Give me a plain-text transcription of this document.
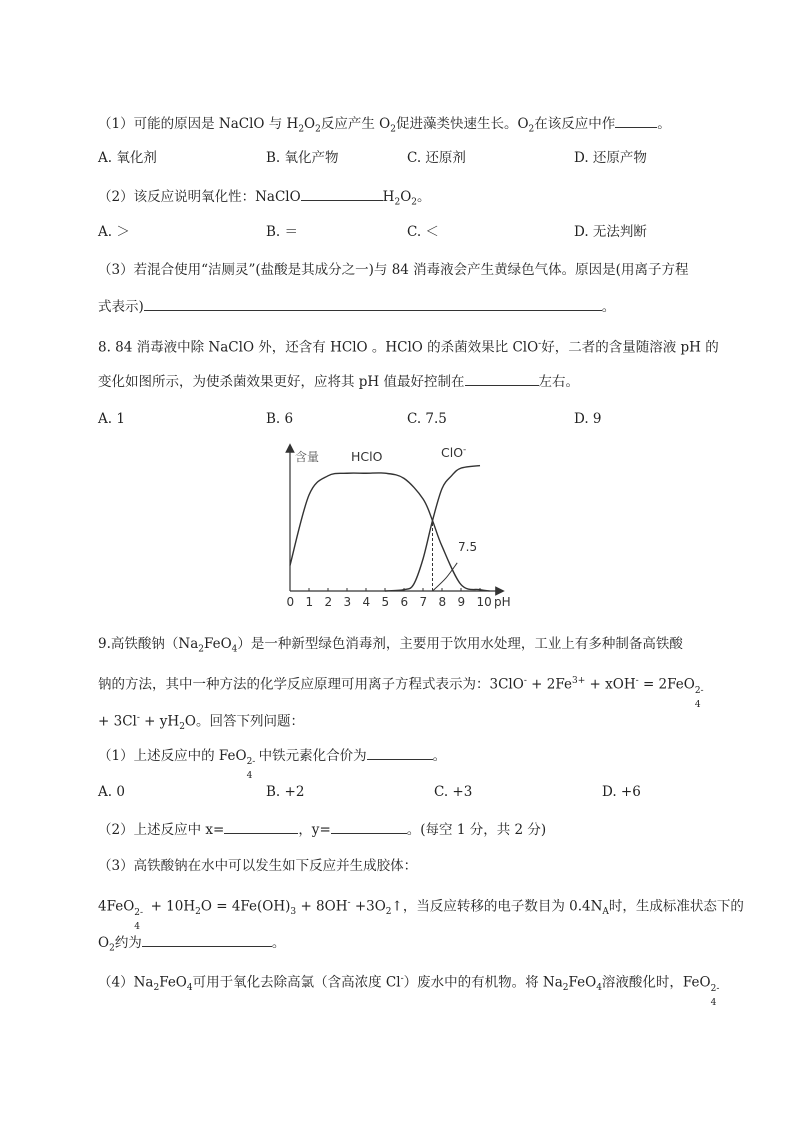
（1）可能的原因是 NaClO 与 $H_2O_2$反应产生 $O_2$促进藻类快速生长。$O_2$在该反应中作	。
A. 氧化剂	B. 氧化产物	C. 还原剂	D. 还原产物
（2）该反应说明氧化性：NaClO	$H_2O_2$。
A. ＞	B. ＝	C. ＜	D. 无法判断
（3）若混合使用“洁厕灵”(盐酸是其成分之一)与 84 消毒液会产生黄绿色气体。原因是(用离子方程
式表示)	。
8. 84 消毒液中除 NaClO 外，还含有 HClO 。HClO 的杀菌效果比 ClO-好，二者的含量随溶液 pH 的
变化如图所示，为使杀菌效果更好，应将其 pH 值最好控制在	左右。
A. 1	B. 6	C. 7.5	D. 9
含量
pH
0 1 2 3 4 5 6 7 8 9 10
HClO	ClO-
7.5
9.高铁酸钠$(Na_2FeO_4)$是一种新型绿色消毒剂，主要用于饮用水处理，工业上有多种制备高铁酸
钠的方法，其中一种方法的化学反应原理可用离子方程式表示为：$3ClO^- + 2Fe^{3+} + xOH^- = 2FeO$ 2-
4
+ $3Cl^- + yH_2O$。回答下列问题：
（1）上述反应中的 FeO 2-
4
中铁元素化合价为	。
A. 0	B. +2	C. +3	D. +6
（2）上述反应中 x=	，y=	。(每空 1 分，共 2 分)
（3）高铁酸钠在水中可以发生如下反应并生成胶体：
4FeO 2-
4
+ $10H_2O = 4Fe(OH)_3 + 8OH^-$ $+3O_2↑$，当反应转移的电子数目为 $0.4N_A$时，生成标准状态下的
$O_2$约为	。
$(4)Na_2FeO_4$可用于氧化去除高氯（含高浓度 Cl-）废水中的有机物。将 $Na_2FeO_4$溶液酸化时，FeO 2-
4
